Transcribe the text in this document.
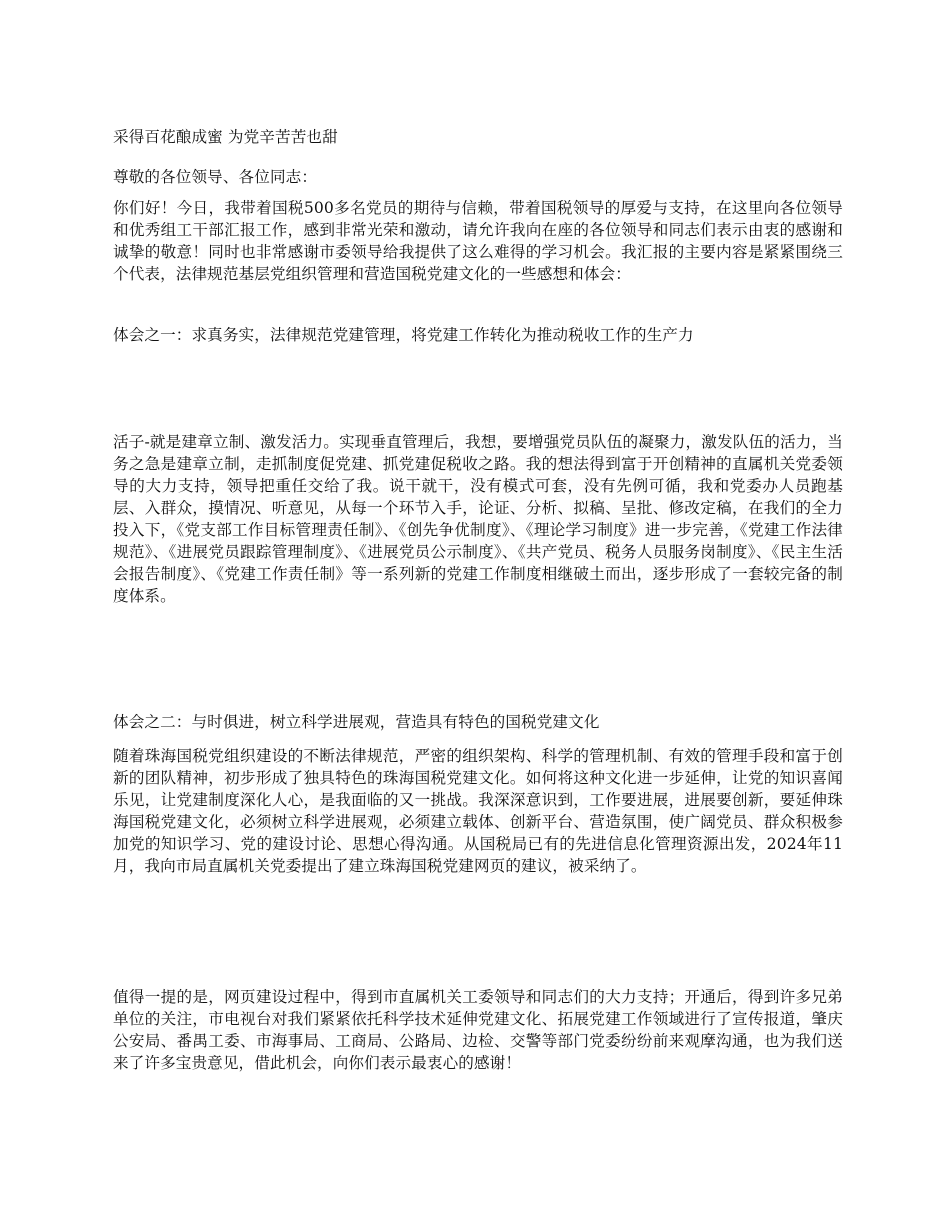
采得百花酿成蜜 为党辛苦苦也甜

尊敬的各位领导、各位同志：

你们好！今日，我带着国税500多名党员的期待与信赖，带着国税领导的厚爱与支持，在这里向各位领导和优秀组工干部汇报工作，感到非常光荣和激动，请允许我向在座的各位领导和同志们表示由衷的感谢和诚挚的敬意！同时也非常感谢市委领导给我提供了这么难得的学习机会。我汇报的主要内容是紧紧围绕三个代表，法律规范基层党组织管理和营造国税党建文化的一些感想和体会：

体会之一：求真务实，法律规范党建管理，将党建工作转化为推动税收工作的生产力

活子-就是建章立制、激发活力。实现垂直管理后，我想，要增强党员队伍的凝聚力，激发队伍的活力，当务之急是建章立制，走抓制度促党建、抓党建促税收之路。我的想法得到富于开创精神的直属机关党委领导的大力支持，领导把重任交给了我。说干就干，没有模式可套，没有先例可循，我和党委办人员跑基层、入群众，摸情况、听意见，从每一个环节入手，论证、分析、拟稿、呈批、修改定稿，在我们的全力投入下，《党支部工作目标管理责任制》、《创先争优制度》、《理论学习制度》进一步完善，《党建工作法律规范》、《进展党员跟踪管理制度》、《进展党员公示制度》、《共产党员、税务人员服务岗制度》、《民主生活会报告制度》、《党建工作责任制》等一系列新的党建工作制度相继破土而出，逐步形成了一套较完备的制度体系。

体会之二：与时俱进，树立科学进展观，营造具有特色的国税党建文化

随着珠海国税党组织建设的不断法律规范，严密的组织架构、科学的管理机制、有效的管理手段和富于创新的团队精神，初步形成了独具特色的珠海国税党建文化。如何将这种文化进一步延伸，让党的知识喜闻乐见，让党建制度深化人心，是我面临的又一挑战。我深深意识到，工作要进展，进展要创新，要延伸珠海国税党建文化，必须树立科学进展观，必须建立载体、创新平台、营造氛围，使广阔党员、群众积极参加党的知识学习、党的建设讨论、思想心得沟通。从国税局已有的先进信息化管理资源出发，2024年11月，我向市局直属机关党委提出了建立珠海国税党建网页的建议，被采纳了。

值得一提的是，网页建设过程中，得到市直属机关工委领导和同志们的大力支持；开通后，得到许多兄弟单位的关注，市电视台对我们紧紧依托科学技术延伸党建文化、拓展党建工作领域进行了宣传报道，肇庆公安局、番禺工委、市海事局、工商局、公路局、边检、交警等部门党委纷纷前来观摩沟通，也为我们送来了许多宝贵意见，借此机会，向你们表示最衷心的感谢！
